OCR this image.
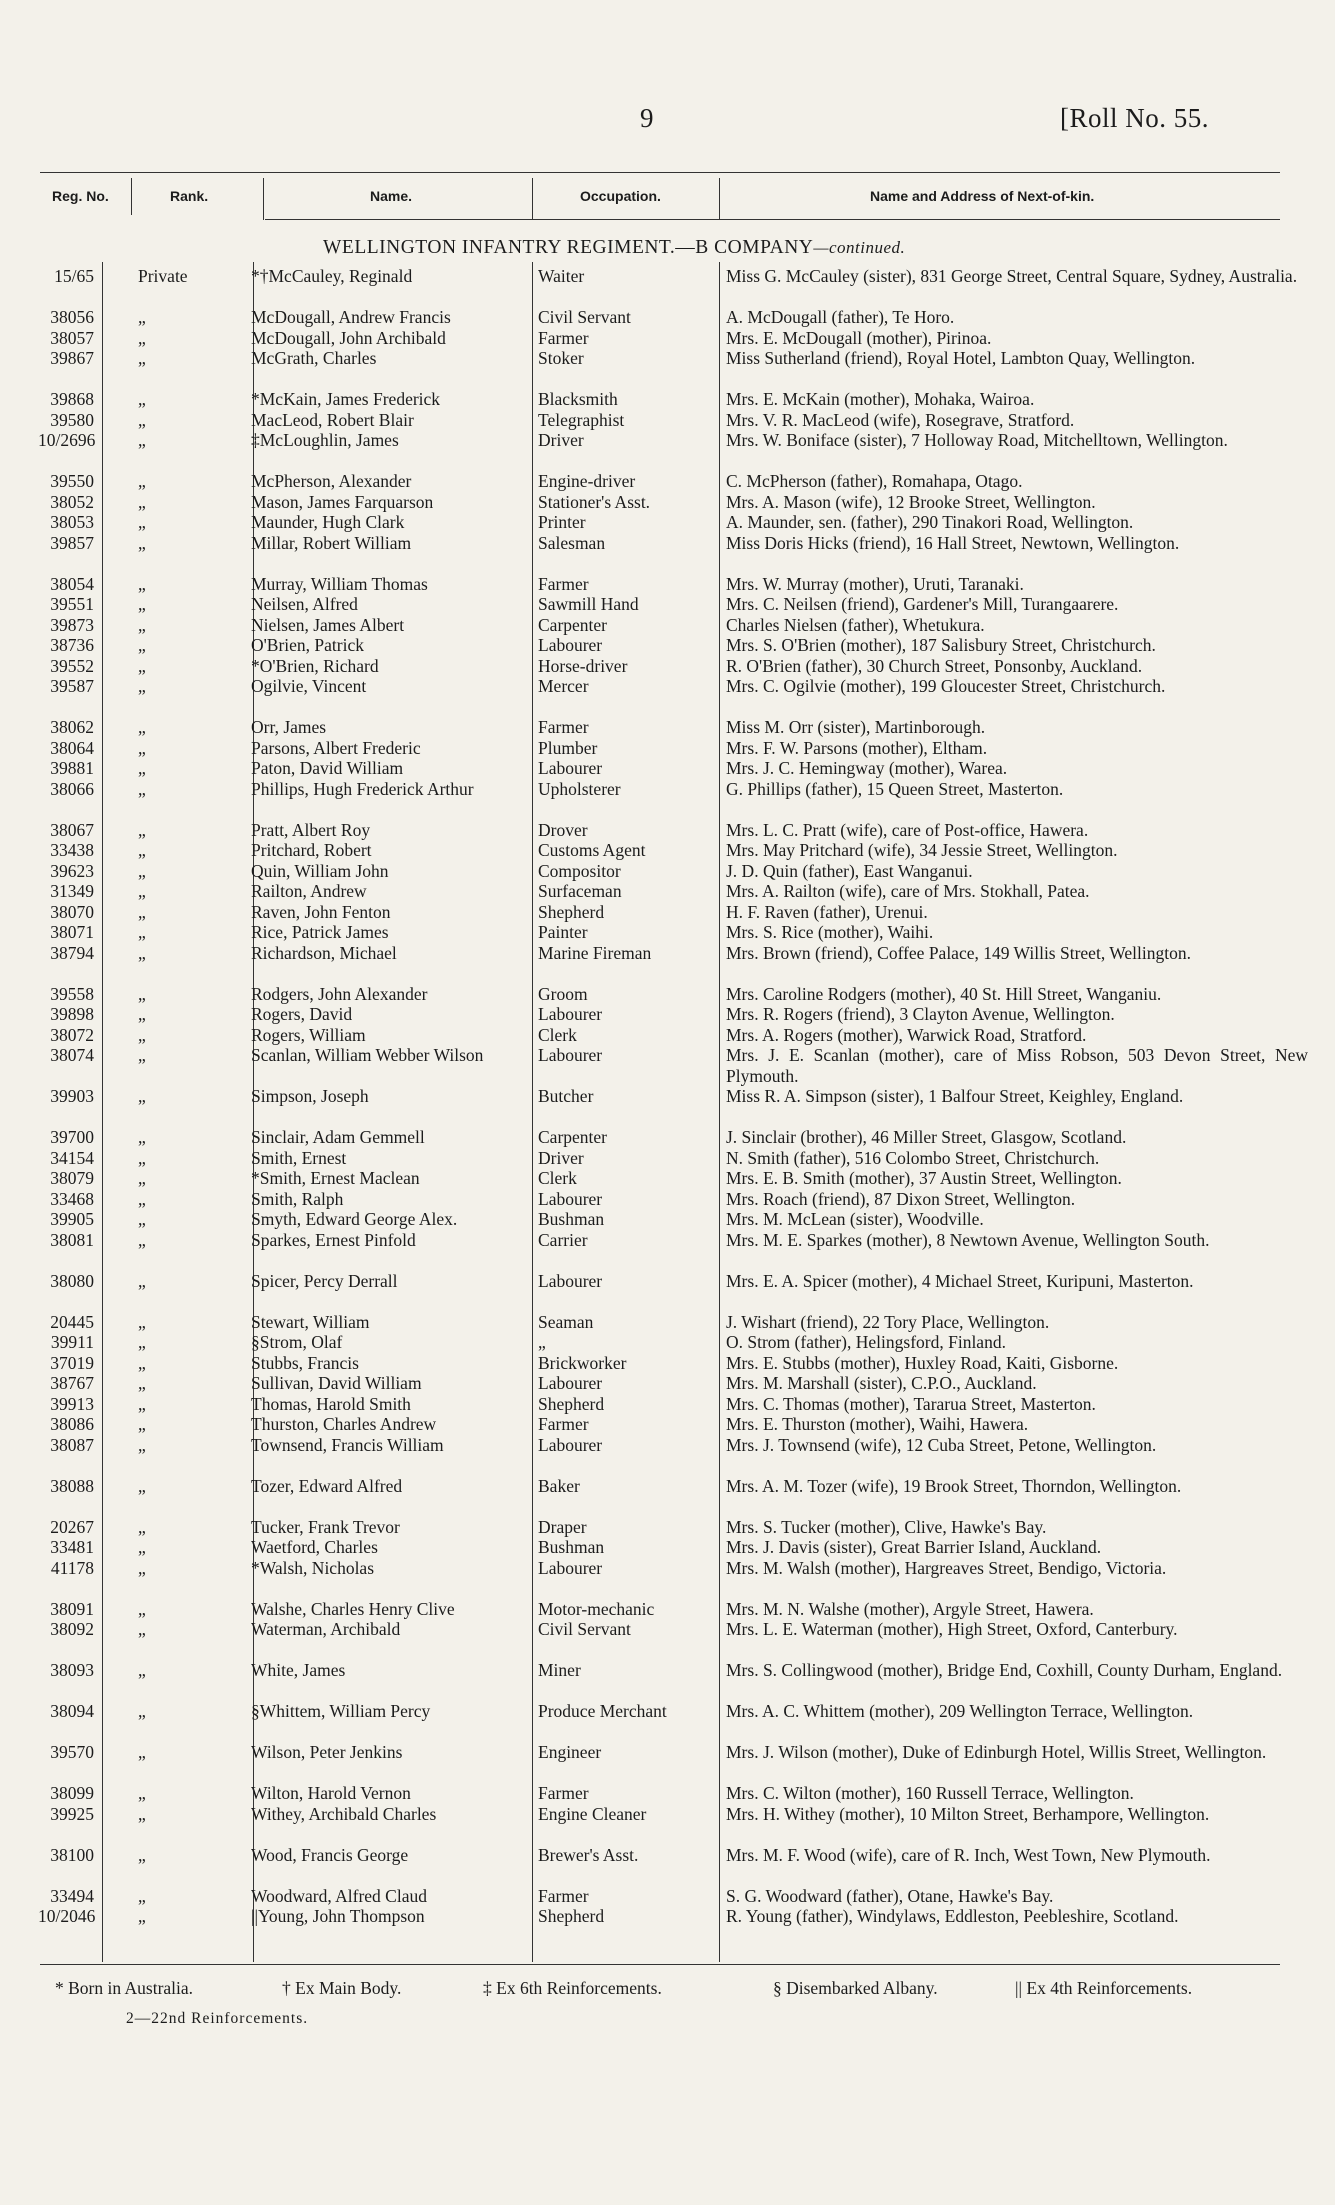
9	[Roll No. 55.
Reg. No.	Rank.	Name.	Occupation.	Name and Address of Next-of-kin.
WELLINGTON INFANTRY REGIMENT.—B COMPANY—continued.
15/65	Private	*†McCauley, Reginald	Waiter	Miss G. McCauley (sister), 831 George Street, Central Square, Sydney, Australia.
38056	„	McDougall, Andrew Francis	Civil Servant	A. McDougall (father), Te Horo.
38057	„	McDougall, John Archibald	Farmer	Mrs. E. McDougall (mother), Pirinoa.
39867	„	McGrath, Charles	Stoker	Miss Sutherland (friend), Royal Hotel, Lambton Quay, Wellington.
39868	„	*McKain, James Frederick	Blacksmith	Mrs. E. McKain (mother), Mohaka, Wairoa.
39580	„	MacLeod, Robert Blair	Telegraphist	Mrs. V. R. MacLeod (wife), Rosegrave, Stratford.
10/2696 „	‡McLoughlin, James	Driver	Mrs. W. Boniface (sister), 7 Holloway Road, Mitchelltown, Wellington.
39550	„	McPherson, Alexander	Engine-driver	C. McPherson (father), Romahapa, Otago.
38052	„	Mason, James Farquarson	Stationer's Asst.	Mrs. A. Mason (wife), 12 Brooke Street, Wellington.
38053	„	Maunder, Hugh Clark	Printer	A. Maunder, sen. (father), 290 Tinakori Road, Wellington.
39857	„	Millar, Robert William	Salesman	Miss Doris Hicks (friend), 16 Hall Street, Newtown, Wellington.
38054	„	Murray, William Thomas	Farmer	Mrs. W. Murray (mother), Uruti, Taranaki.
39551	„	Neilsen, Alfred	Sawmill Hand	Mrs. C. Neilsen (friend), Gardener's Mill, Turangaarere.
39873	„	Nielsen, James Albert	Carpenter	Charles Nielsen (father), Whetukura.
38736	„	O'Brien, Patrick	Labourer	Mrs. S. O'Brien (mother), 187 Salisbury Street, Christchurch.
39552	„	*O'Brien, Richard	Horse-driver	R. O'Brien (father), 30 Church Street, Ponsonby, Auckland.
39587	„	Ogilvie, Vincent	Mercer	Mrs. C. Ogilvie (mother), 199 Gloucester Street, Christchurch.
38062	„	Orr, James	Farmer	Miss M. Orr (sister), Martinborough.
38064	„	Parsons, Albert Frederic	Plumber	Mrs. F. W. Parsons (mother), Eltham.
39881	„	Paton, David William	Labourer	Mrs. J. C. Hemingway (mother), Warea.
38066	„	Phillips, Hugh Frederick Arthur	Upholsterer	G. Phillips (father), 15 Queen Street, Masterton.
38067	„	Pratt, Albert Roy	Drover	Mrs. L. C. Pratt (wife), care of Post-office, Hawera.
33438	„	Pritchard, Robert	Customs Agent	Mrs. May Pritchard (wife), 34 Jessie Street, Wellington.
39623	„	Quin, William John	Compositor	J. D. Quin (father), East Wanganui.
31349	„	Railton, Andrew	Surfaceman	Mrs. A. Railton (wife), care of Mrs. Stokhall, Patea.
38070	„	Raven, John Fenton	Shepherd	H. F. Raven (father), Urenui.
38071	„	Rice, Patrick James	Painter	Mrs. S. Rice (mother), Waihi.
38794	„	Richardson, Michael	Marine Fireman	Mrs. Brown (friend), Coffee Palace, 149 Willis Street, Wellington.
39558	„	Rodgers, John Alexander	Groom	Mrs. Caroline Rodgers (mother), 40 St. Hill Street, Wanganiu.
39898	„	Rogers, David	Labourer	Mrs. R. Rogers (friend), 3 Clayton Avenue, Wellington.
38072	„	Rogers, William	Clerk	Mrs. A. Rogers (mother), Warwick Road, Stratford.
38074	„	Scanlan, William Webber Wilson	Labourer	Mrs. J. E. Scanlan (mother), care of Miss Robson, 503 Devon Street, New Plymouth.
39903	„	Simpson, Joseph	Butcher	Miss R. A. Simpson (sister), 1 Balfour Street, Keighley, England.
39700	„	Sinclair, Adam Gemmell	Carpenter	J. Sinclair (brother), 46 Miller Street, Glasgow, Scotland.
34154	„	Smith, Ernest	Driver	N. Smith (father), 516 Colombo Street, Christchurch.
38079	„	*Smith, Ernest Maclean	Clerk	Mrs. E. B. Smith (mother), 37 Austin Street, Wellington.
33468	„	Smith, Ralph	Labourer	Mrs. Roach (friend), 87 Dixon Street, Wellington.
39905	„	Smyth, Edward George Alex.	Bushman	Mrs. M. McLean (sister), Woodville.
38081	„	Sparkes, Ernest Pinfold	Carrier	Mrs. M. E. Sparkes (mother), 8 Newtown Avenue, Wellington South.
38080	„	Spicer, Percy Derrall	Labourer	Mrs. E. A. Spicer (mother), 4 Michael Street, Kuripuni, Masterton.
20445	„	Stewart, William	Seaman	J. Wishart (friend), 22 Tory Place, Wellington.
39911	„	§Strom, Olaf	„	O. Strom (father), Helingsford, Finland.
37019	„	Stubbs, Francis	Brickworker	Mrs. E. Stubbs (mother), Huxley Road, Kaiti, Gisborne.
38767	„	Sullivan, David William	Labourer	Mrs. M. Marshall (sister), C.P.O., Auckland.
39913	„	Thomas, Harold Smith	Shepherd	Mrs. C. Thomas (mother), Tararua Street, Masterton.
38086	„	Thurston, Charles Andrew	Farmer	Mrs. E. Thurston (mother), Waihi, Hawera.
38087	„	Townsend, Francis William	Labourer	Mrs. J. Townsend (wife), 12 Cuba Street, Petone, Wellington.
38088	„	Tozer, Edward Alfred	Baker	Mrs. A. M. Tozer (wife), 19 Brook Street, Thorndon, Wellington.
20267	„	Tucker, Frank Trevor	Draper	Mrs. S. Tucker (mother), Clive, Hawke's Bay.
33481	„	Waetford, Charles	Bushman	Mrs. J. Davis (sister), Great Barrier Island, Auckland.
41178	„	*Walsh, Nicholas	Labourer	Mrs. M. Walsh (mother), Hargreaves Street, Bendigo, Victoria.
38091	„	Walshe, Charles Henry Clive	Motor-mechanic	Mrs. M. N. Walshe (mother), Argyle Street, Hawera.
38092	„	Waterman, Archibald	Civil Servant	Mrs. L. E. Waterman (mother), High Street, Oxford, Canterbury.
38093	„	White, James	Miner	Mrs. S. Collingwood (mother), Bridge End, Coxhill, County Durham, England.
38094	„	§Whittem, William Percy	Produce Merchant	Mrs. A. C. Whittem (mother), 209 Wellington Terrace, Wellington.
39570	„	Wilson, Peter Jenkins	Engineer	Mrs. J. Wilson (mother), Duke of Edinburgh Hotel, Willis Street, Wellington.
38099	„	Wilton, Harold Vernon	Farmer	Mrs. C. Wilton (mother), 160 Russell Terrace, Wellington.
39925	„	Withey, Archibald Charles	Engine Cleaner	Mrs. H. Withey (mother), 10 Milton Street, Berhampore, Wellington.
38100	„	Wood, Francis George	Brewer's Asst.	Mrs. M. F. Wood (wife), care of R. Inch, West Town, New Plymouth.
33494	„	Woodward, Alfred Claud	Farmer	S. G. Woodward (father), Otane, Hawke's Bay.
10/2046 „	||Young, John Thompson	Shepherd	R. Young (father), Windylaws, Eddleston, Peebleshire, Scotland.
* Born in Australia.	† Ex Main Body.	‡ Ex 6th Reinforcements.	§ Disembarked Albany.	|| Ex 4th Reinforcements.
2—22nd Reinforcements.
